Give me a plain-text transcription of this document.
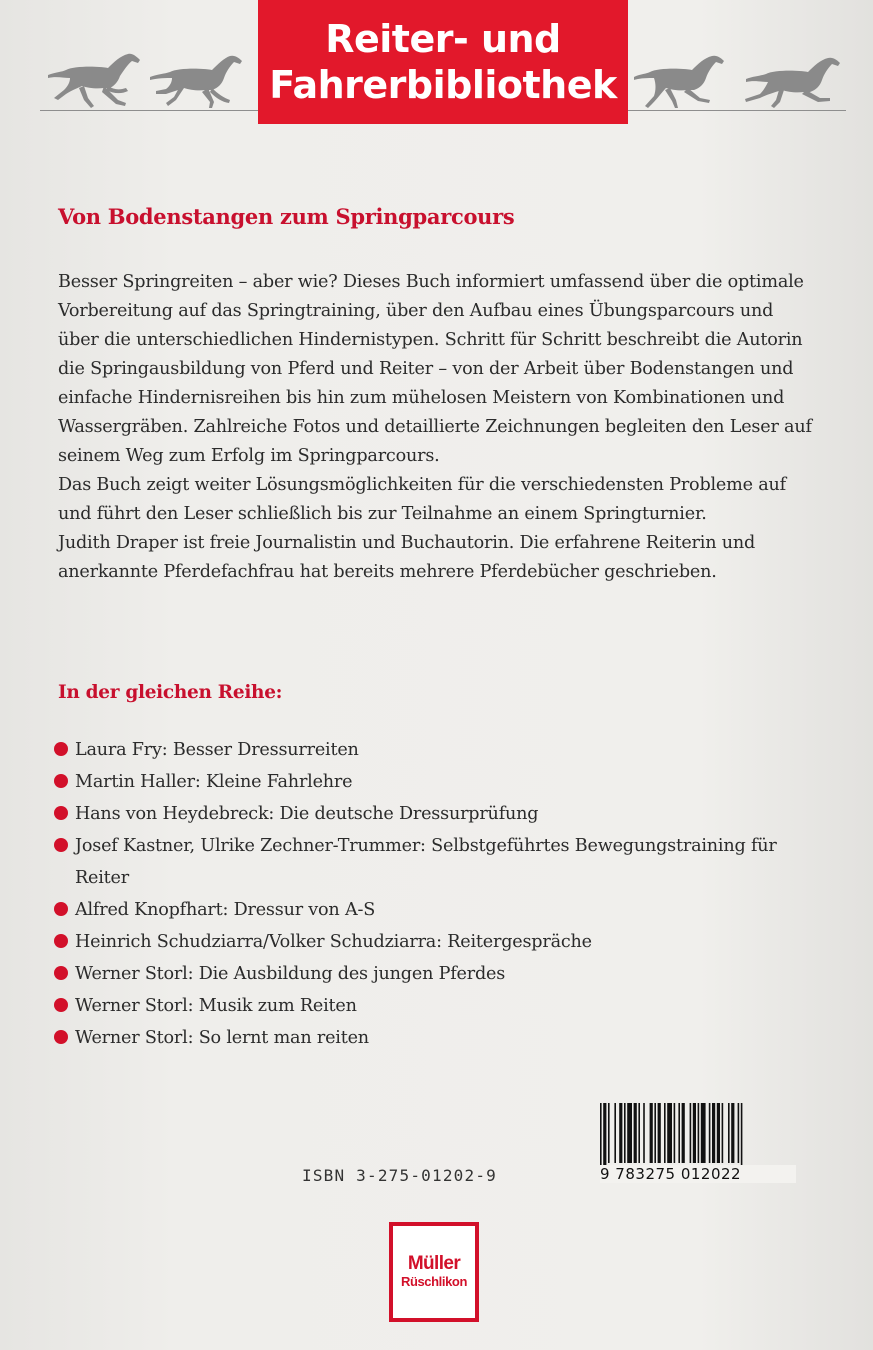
Reiter- und
Fahrerbibliothek
Von Bodenstangen zum Springparcours

Besser Springreiten – aber wie? Dieses Buch informiert umfassend über die optimale Vorbereitung auf das Springtraining, über den Aufbau eines Übungsparcours und über die unterschiedlichen Hindernistypen. Schritt für Schritt beschreibt die Autorin die Springausbildung von Pferd und Reiter – von der Arbeit über Bodenstangen und einfache Hindernisreihen bis hin zum mühelosen Meistern von Kombinationen und Wassergräben. Zahlreiche Fotos und detaillierte Zeichnungen begleiten den Leser auf seinem Weg zum Erfolg im Springparcours.

Das Buch zeigt weiter Lösungsmöglichkeiten für die verschiedensten Probleme auf und führt den Leser schließlich bis zur Teilnahme an einem Springturnier.

Judith Draper ist freie Journalistin und Buchautorin. Die erfahrene Reiterin und anerkannte Pferdefachfrau hat bereits mehrere Pferdebücher geschrieben.

In der gleichen Reihe:
Laura Fry: Besser Dressurreiten
Martin Haller: Kleine Fahrlehre
Hans von Heydebreck: Die deutsche Dressurprüfung
Josef Kastner, Ulrike Zechner-Trummer: Selbstgeführtes Bewegungstraining für Reiter
Alfred Knopfhart: Dressur von A-S
Heinrich Schudziarra/Volker Schudziarra: Reitergespräche
Werner Storl: Die Ausbildung des jungen Pferdes
Werner Storl: Musik zum Reiten
Werner Storl: So lernt man reiten
ISBN 3-275-01202-9	9 783275 012022
Müller
Rüschlikon
